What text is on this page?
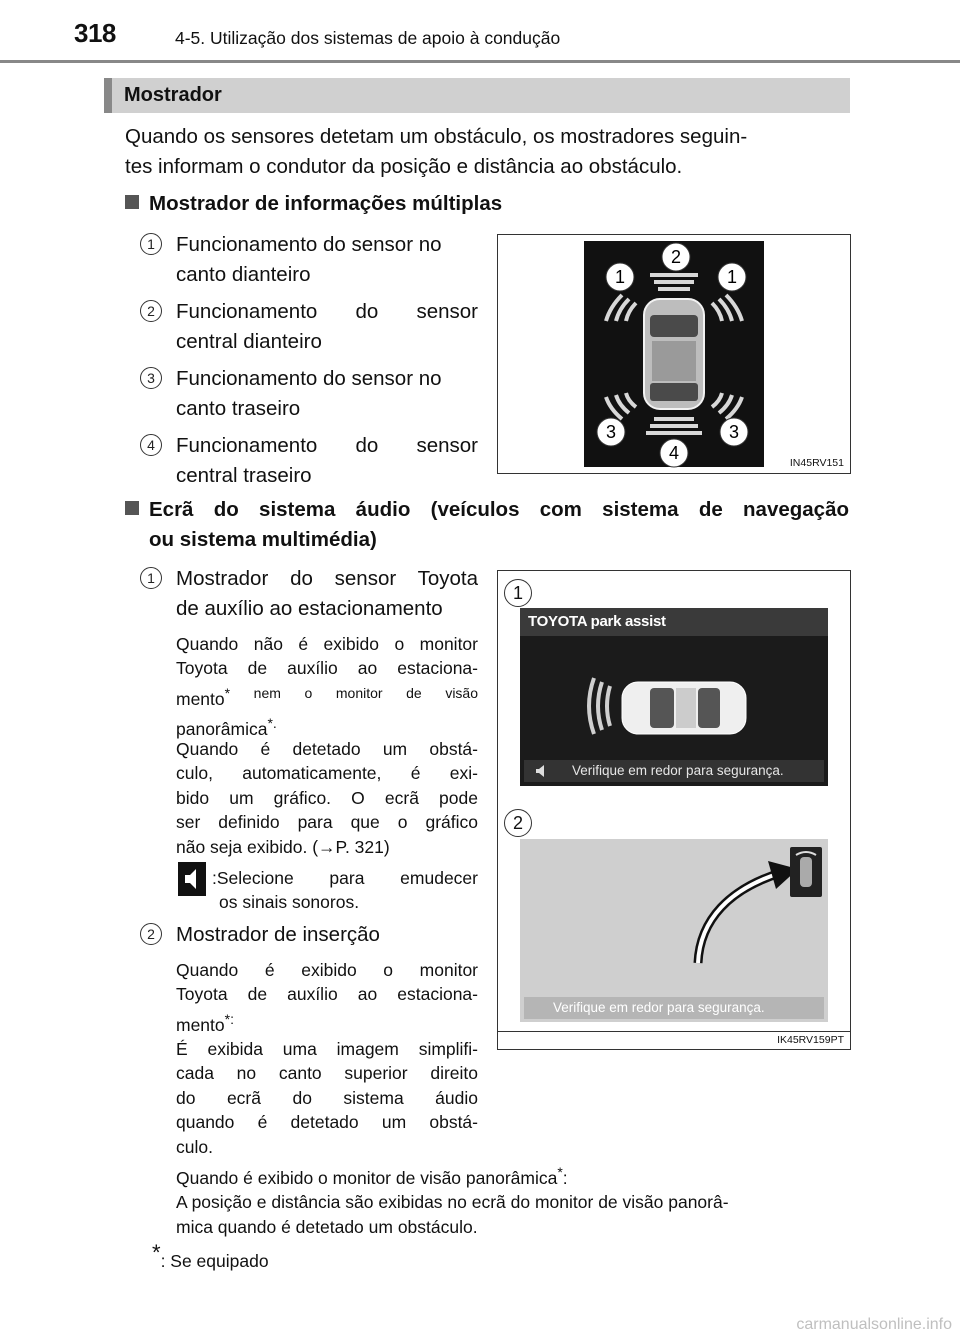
318	4-5. Utilização dos sistemas de apoio à condução
Mostrador
Quando os sensores detetam um obstáculo, os mostradores seguin-
tes informam o condutor da posição e distância ao obstáculo.
Mostrador de informações múltiplas
1	Funcionamento do sensor no
canto dianteiro
2	Funcionamento do sensor
central dianteiro
3	Funcionamento do sensor no
canto traseiro
4	Funcionamento do sensor
central traseiro
2
1	1
3	3
4	IN45RV151
Ecrã do sistema áudio (veículos com sistema de navegação
ou sistema multimédia)
1	Mostrador do sensor Toyota
de auxílio ao estacionamento
Quando não é exibido o monitor
Toyota de auxílio ao estaciona-
mento$^{* nem o monitor de visão}$
panorâmica*.
Quando é detetado um obstá-
culo, automaticamente, é exi-
bido um gráfico. O ecrã pode
ser definido para que o gráfico
não seja exibido. (→P. 321)
:Selecione para emudecer
os sinais sonoros.
2	Mostrador de inserção
Quando é exibido o monitor
Toyota de auxílio ao estaciona-
mento*:
É exibida uma imagem simplifi-
cada no canto superior direito
do ecrã do sistema áudio
quando é detetado um obstá-
culo.
Quando é exibido o monitor de visão panorâmica*:
A posição e distância são exibidas no ecrã do monitor de visão panorâ-
mica quando é detetado um obstáculo.
1
TOYOTA park assist
Verifique em redor para segurança.
2
Verifique em redor para segurança.
IK45RV159PT
*: Se equipado
carmanualsonline.info
